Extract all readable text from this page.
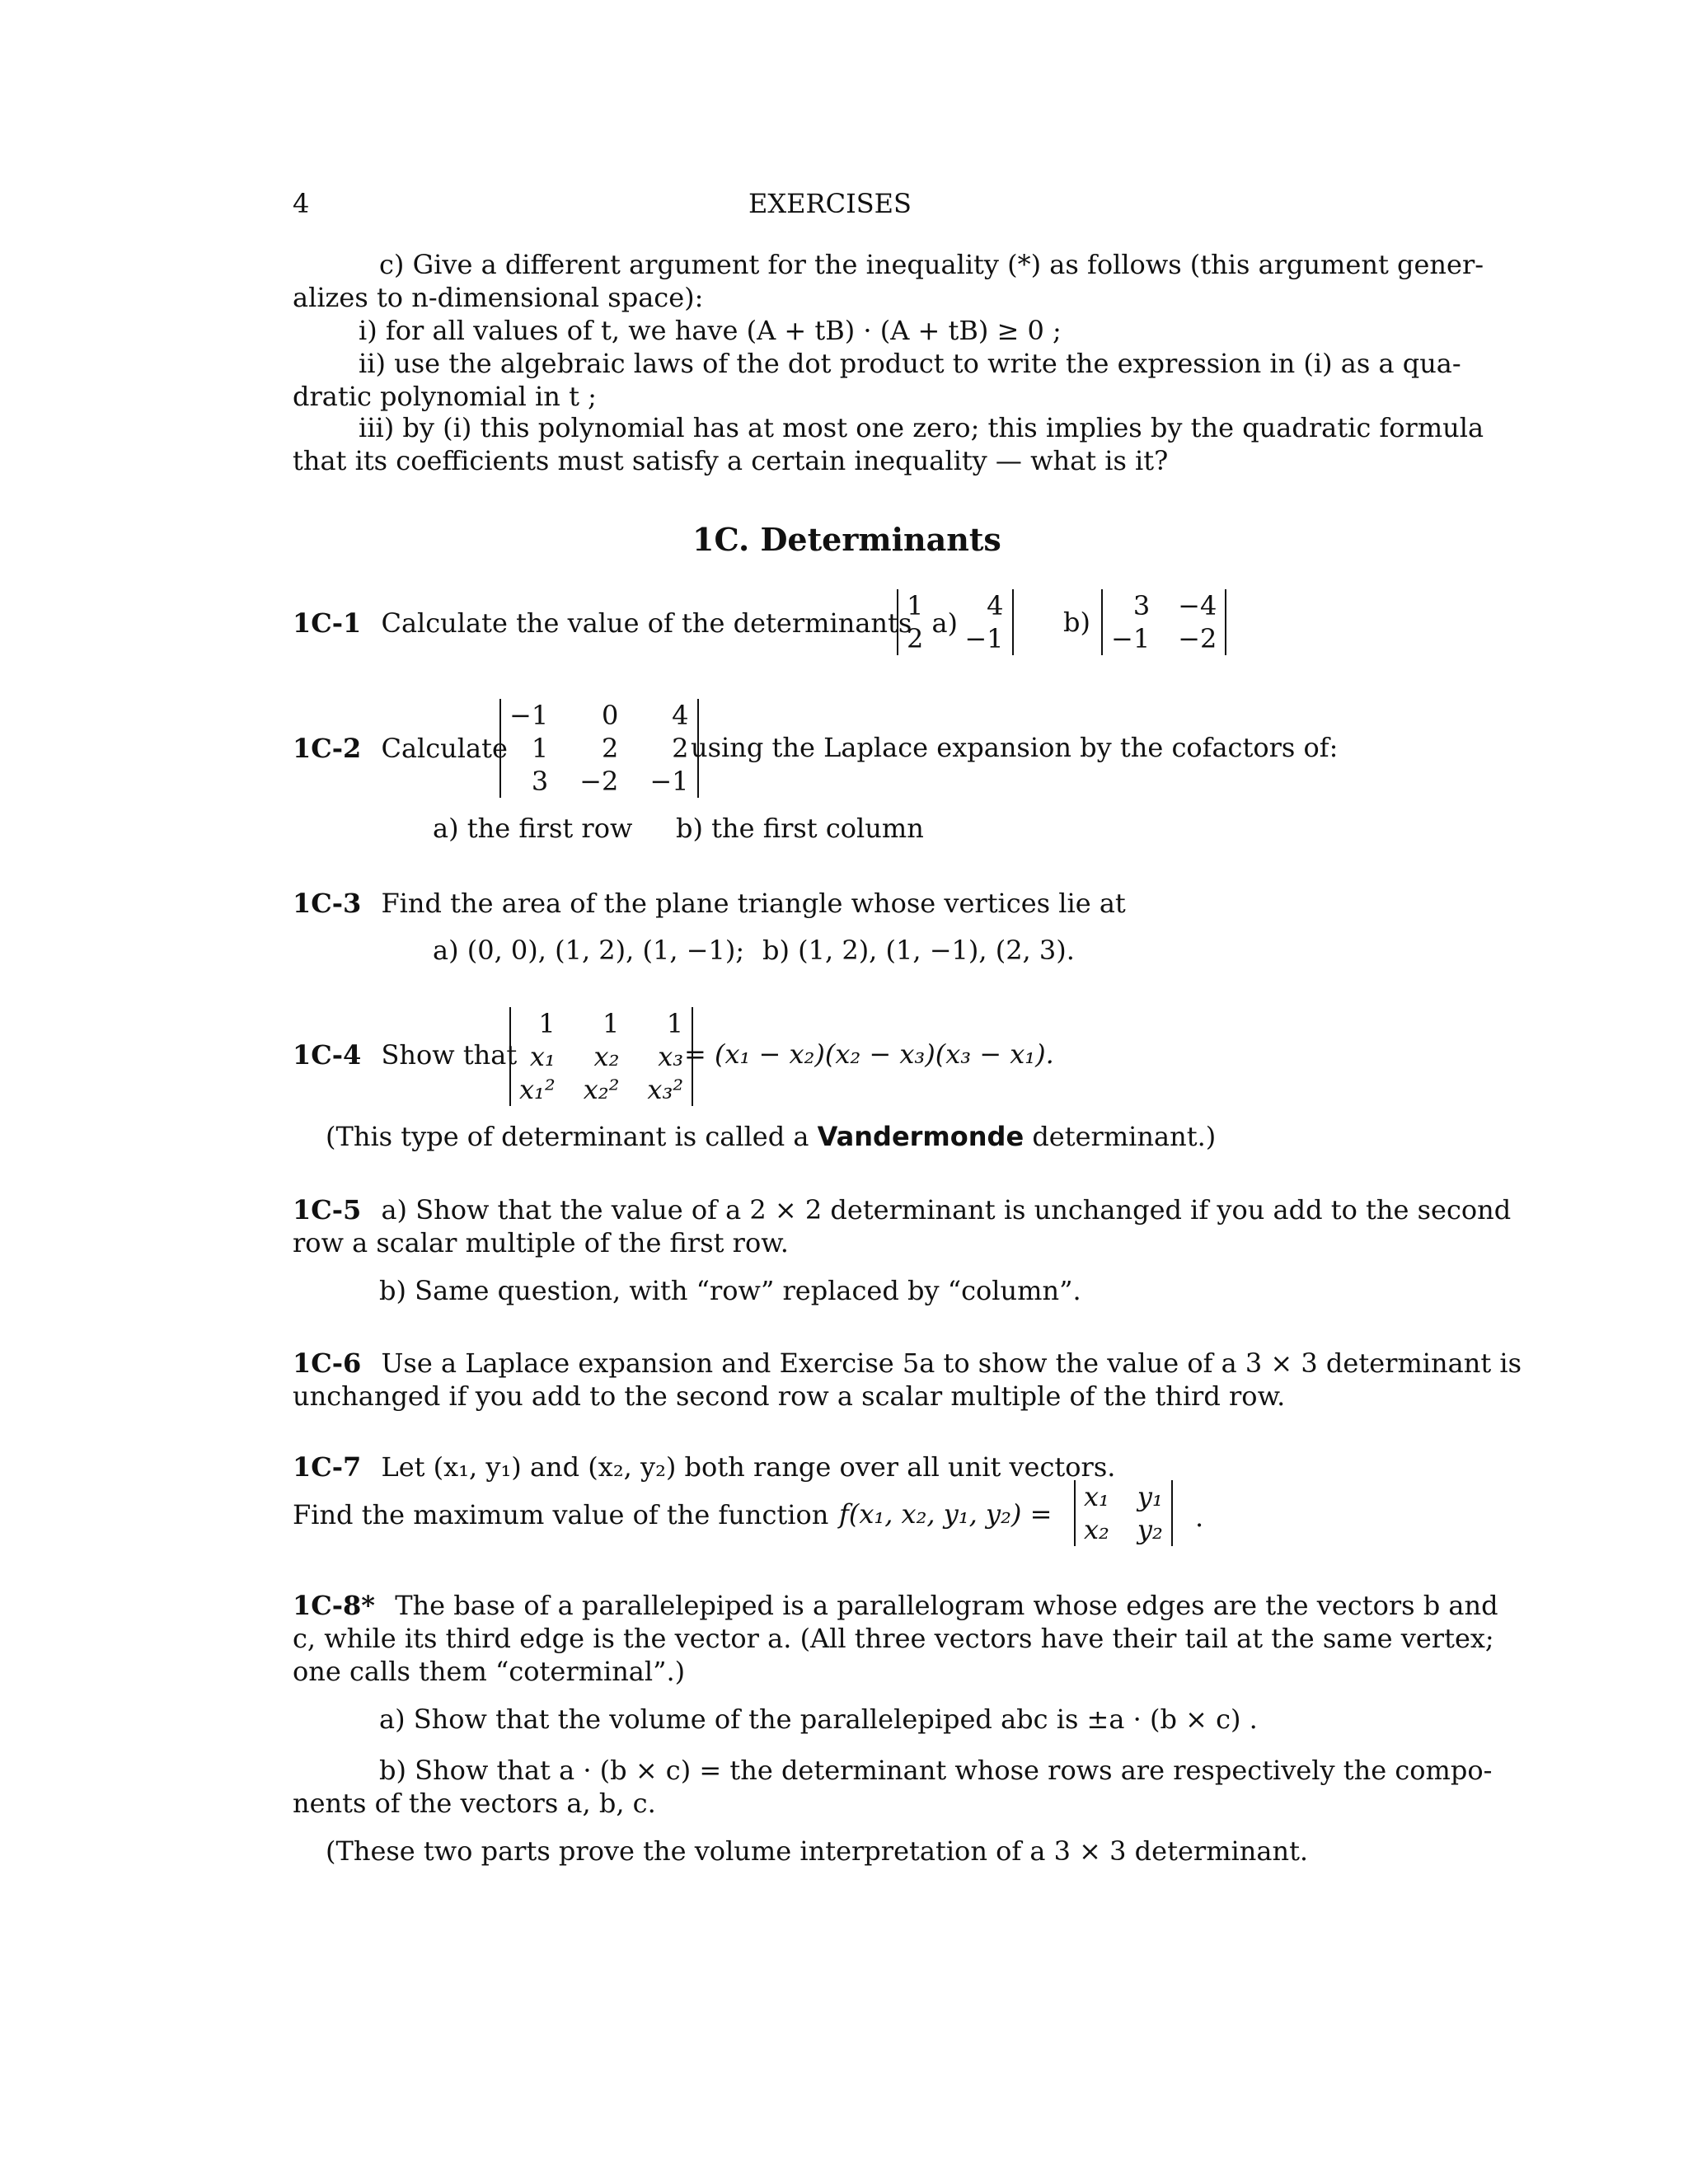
4	EXERCISES
c) Give a different argument for the inequality (*) as follows (this argument gener-
alizes to n-dimensional space):
i) for all values of t, we have (A + tB) · (A + tB) ≥ 0 ;
ii) use the algebraic laws of the dot product to write the expression in (i) as a qua-
dratic polynomial in t ;
iii) by (i) this polynomial has at most one zero; this implies by the quadratic formula
that its coefficients must satisfy a certain inequality — what is it?
1C. Determinants
1C-1 Calculate the value of the determinants a)
1	4
2	−1
b)
3	−4
−1	−2
1C-2 Calculate
−1	0	4
1	2	2
3	−2	−1
using the Laplace expansion by the cofactors of:
a) the first row b) the first column
1C-3 Find the area of the plane triangle whose vertices lie at
a) (0, 0), (1, 2), (1, −1); b) (1, 2), (1, −1), (2, 3).
1C-4 Show that
1	1	1
x₁	x₂	x₃
x₁²	x₂²	x₃²
= (x₁ − x₂)(x₂ − x₃)(x₃ − x₁).
(This type of determinant is called a Vandermonde determinant.)
1C-5 a) Show that the value of a 2 × 2 determinant is unchanged if you add to the second
row a scalar multiple of the first row.
b) Same question, with “row” replaced by “column”.
1C-6 Use a Laplace expansion and Exercise 5a to show the value of a 3 × 3 determinant is
unchanged if you add to the second row a scalar multiple of the third row.
1C-7 Let (x₁, y₁) and (x₂, y₂) both range over all unit vectors.
Find the maximum value of the function f(x₁, x₂, y₁, y₂) =
x₁	y₁
x₂	y₂ .
1C-8* The base of a parallelepiped is a parallelogram whose edges are the vectors b and
c, while its third edge is the vector a. (All three vectors have their tail at the same vertex;
one calls them “coterminal”.)
a) Show that the volume of the parallelepiped abc is ±a · (b × c) .
b) Show that a · (b × c) = the determinant whose rows are respectively the compo-
nents of the vectors a, b, c.
(These two parts prove the volume interpretation of a 3 × 3 determinant.
